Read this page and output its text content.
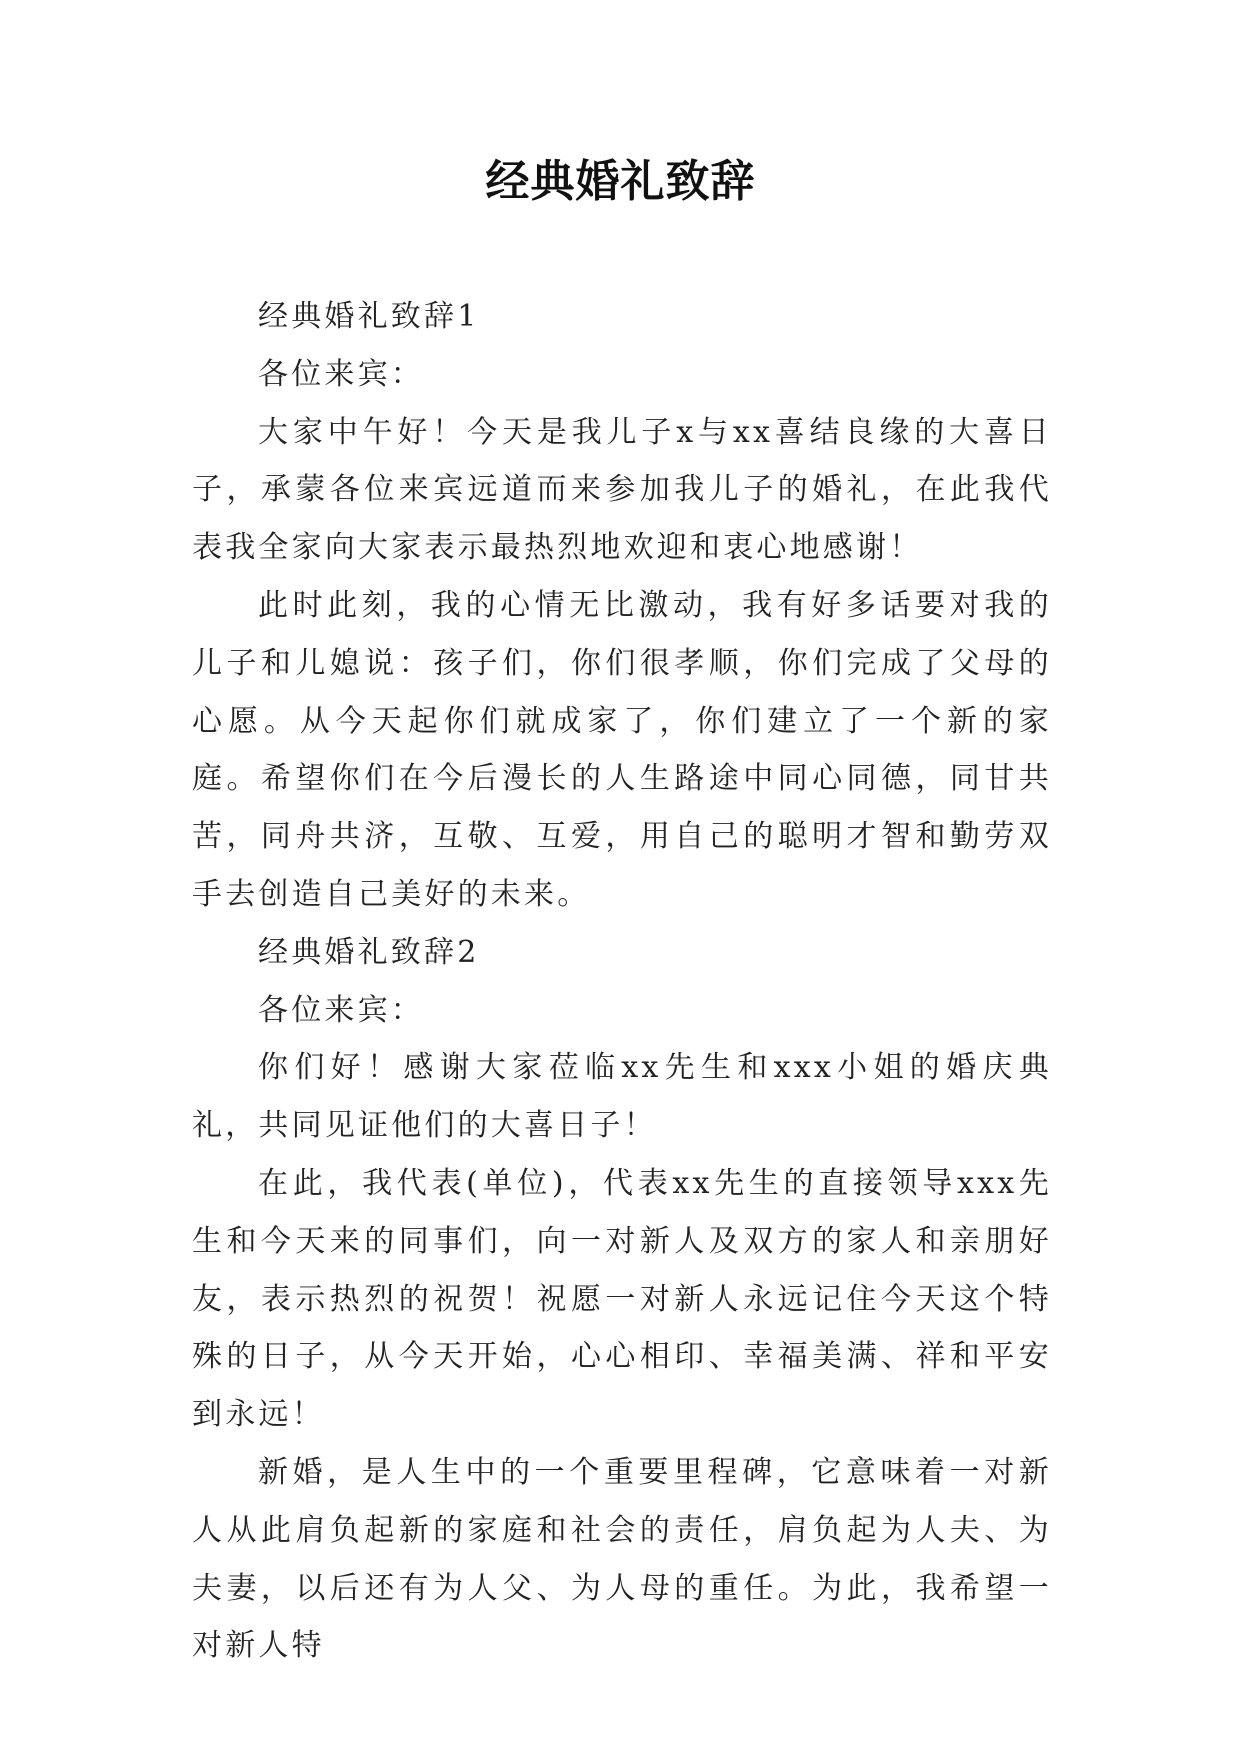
经典婚礼致辞

经典婚礼致辞1

各位来宾：

大家中午好！今天是我儿子x与xx喜结良缘的大喜日子，承蒙各位来宾远道而来参加我儿子的婚礼，在此我代表我全家向大家表示最热烈地欢迎和衷心地感谢！

此时此刻，我的心情无比激动，我有好多话要对我的儿子和儿媳说：孩子们，你们很孝顺，你们完成了父母的心愿。从今天起你们就成家了，你们建立了一个新的家庭。希望你们在今后漫长的人生路途中同心同德，同甘共苦，同舟共济，互敬、互爱，用自己的聪明才智和勤劳双手去创造自己美好的未来。

经典婚礼致辞2

各位来宾：

你们好！感谢大家莅临xx先生和xxx小姐的婚庆典礼，共同见证他们的大喜日子！

在此，我代表(单位)，代表xx先生的直接领导xxx先生和今天来的同事们，向一对新人及双方的家人和亲朋好友，表示热烈的祝贺！祝愿一对新人永远记住今天这个特殊的日子，从今天开始，心心相印、幸福美满、祥和平安到永远！

新婚，是人生中的一个重要里程碑，它意味着一对新人从此肩负起新的家庭和社会的责任，肩负起为人夫、为夫妻，以后还有为人父、为人母的重任。为此，我希望一对新人特
